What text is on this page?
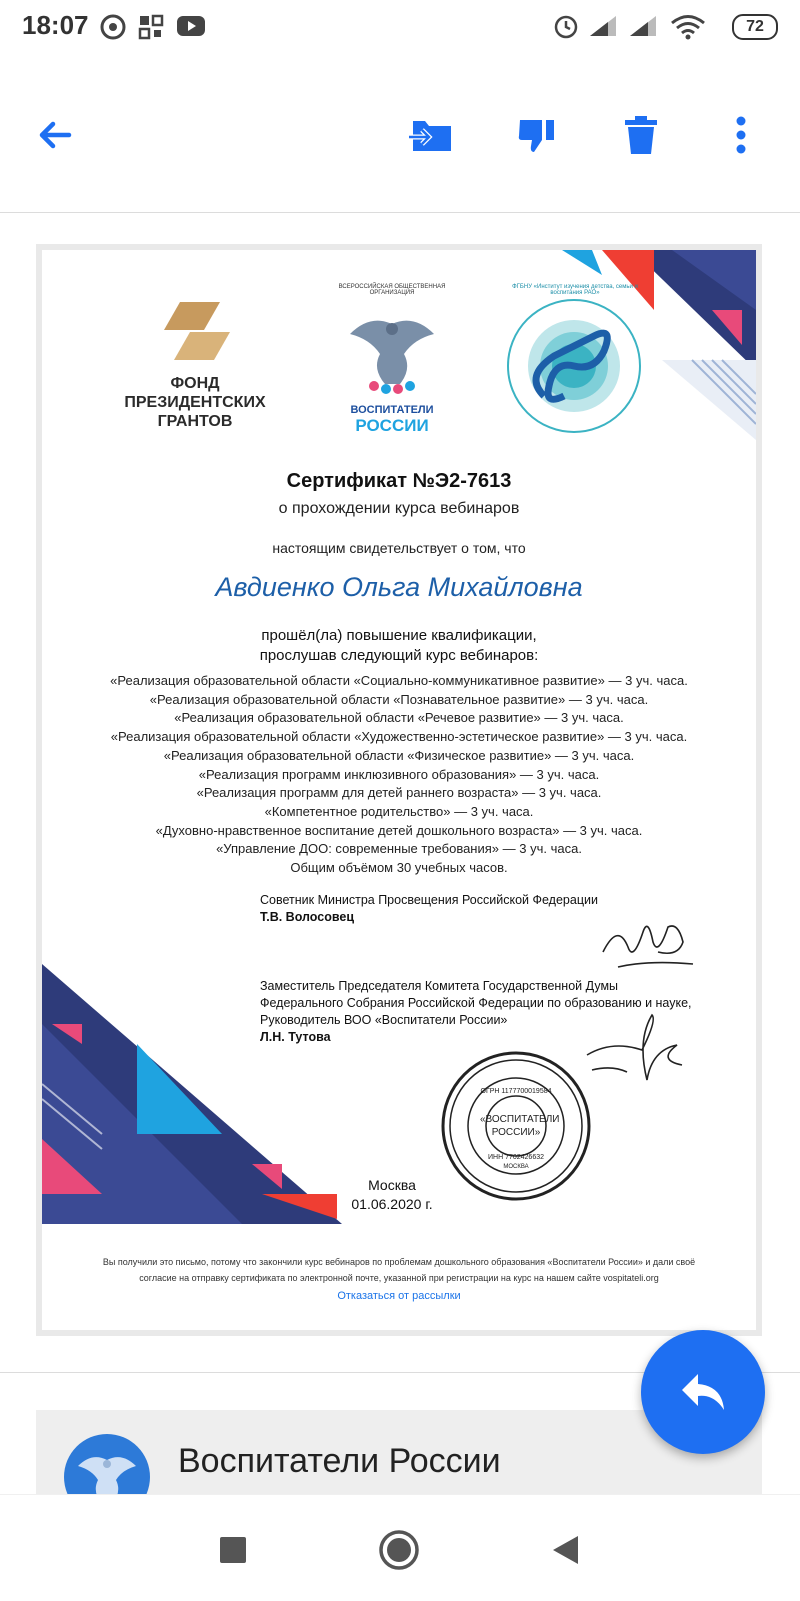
18:07	72
ФОНД
ПРЕЗИДЕНТСКИХ
ГРАНТОВ
ВСЕРОССИЙСКАЯ ОБЩЕСТВЕННАЯ ОРГАНИЗАЦИЯ
ВОСПИТАТЕЛИ
РОССИИ
ФГБНУ «Институт изучения детства, семьи и воспитания РАО»
Сертификат №Э2-7613
о прохождении курса вебинаров
настоящим свидетельствует о том, что
Авдиенко Ольга Михайловна
прошёл(ла) повышение квалификации,
прослушав следующий курс вебинаров:
«Реализация образовательной области «Социально-коммуникативное развитие» — 3 уч. часа.
«Реализация образовательной области «Познавательное развитие» — 3 уч. часа.
«Реализация образовательной области «Речевое развитие» — 3 уч. часа.
«Реализация образовательной области «Художественно-эстетическое развитие» — 3 уч. часа.
«Реализация образовательной области «Физическое развитие» — 3 уч. часа.
«Реализация программ инклюзивного образования» — 3 уч. часа.
«Реализация программ для детей раннего возраста» — 3 уч. часа.
«Компетентное родительство» — 3 уч. часа.
«Духовно-нравственное воспитание детей дошкольного возраста» — 3 уч. часа.
«Управление ДОО: современные требования» — 3 уч. часа.
Общим объёмом 30 учебных часов.
Советник Министра Просвещения Российской Федерации
Т.В. Волосовец
Заместитель Председателя Комитета Государственной Думы
Федерального Собрания Российской Федерации по образованию и науке,
Руководитель ВОО «Воспитатели России»
Л.Н. Тутова
ОГРН 1177700019584
«ВОСПИТАТЕЛИ
РОССИИ»
ИНН 7702426632
МОСКВА
Москва
01.06.2020 г.
Вы получили это письмо, потому что закончили курс вебинаров по проблемам дошкольного образования «Воспитатели России» и дали своё
согласие на отправку сертификата по электронной почте, указанной при регистрации на курс на нашем сайте vospitateli.org
Отказаться от рассылки
Воспитатели России
